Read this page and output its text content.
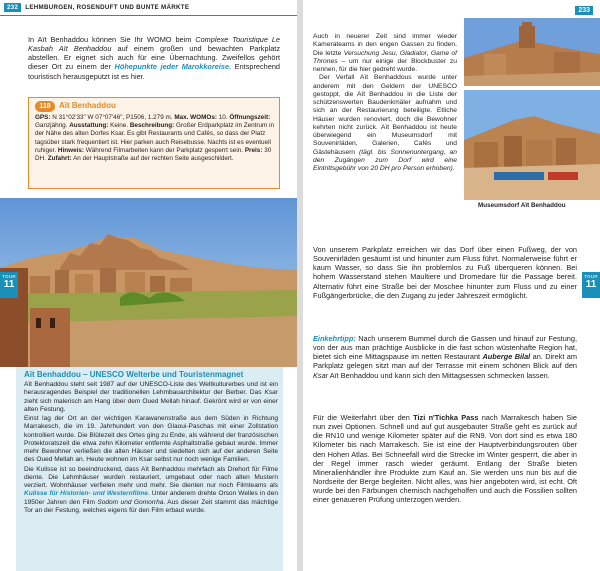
232 LEHMBURGEN, ROSENDUFT UND BUNTE MÄRKTE
In Aït Benhaddou können Sie Ihr WOMO beim Complexe Touristique Le Kasbah Aït Benhaddou auf einem großen und bewachten Parkplatz abstellen. Er eignet sich auch für eine Übernachtung. Zweifellos gehört dieser Ort zu einem der Höhepunkte jeder Marokkoreise. Entsprechend touristisch herausgeputzt ist es hier.
118	Aït Benhaddou
GPS: N 31°02'33" W 07°07'46", P1506, 1.279 m. Max. WOMOs: 10. Öffnungszeit: Ganzjährig. Ausstattung: Keine. Beschreibung: Großer Erdparkplatz im Zentrum in der Nähe des alten Dorfes Ksar. Es gibt Restaurants und Cafés, so dass der Platz tagsüber stark frequentiert ist. Hier parken auch Reisebusse. Nachts ist es eventuell ruhiger. Hinweis: Während Filmarbeiten kann der Parkplatz gesperrt sein. Preis: 30 DH. Zufahrt: An der Hauptstraße auf der rechten Seite ausgeschildert.
TOUR
11
Aït Benhaddou – UNESCO Welterbe und Touristenmagnet
Aït Benhaddou steht seit 1987 auf der UNESCO-Liste des Weltkulturerbes und ist ein herausragendes Beispiel der traditionellen Lehmbauarchitektur der Berber. Das Ksar zieht sich malerisch am Hang über dem Oued Mellah hinauf. Gekrönt wird er von einer alten Festung.
Einst lag der Ort an der wichtigen Karawanenstraße aus dem Süden in Richtung Marrakesch, die im 19. Jahrhundert von den Glaoui-Paschas mit einer Zollstation kontrolliert wurde. Die Blütezeit des Ortes ging zu Ende, als während der französischen Protektoratszeit die etwa zehn Kilometer entfernte Asphaltstraße gebaut wurde. Immer mehr Bewohner verließen die alten Häuser und siedelten sich auf der anderen Seite des Oued Mellah an. Heute wohnen im Ksar selbst nur noch wenige Familien.
Die Kulisse ist so beeindruckend, dass Aït Benhaddou mehrfach als Drehort für Filme diente. Die Lehmhäuser wurden restauriert, umgebaut oder nach alten Mustern verziert. Wohnhäuser verfielen mehr und mehr. Sie dienten nur noch Filmteams als Kulisse für Historien- und Westernfilme. Unter anderem drehte Orson Welles in den 1950er Jahren den Film Sodom und Gomorrha. Aus dieser Zeit stammt das mächtige Tor an der Festung, welches eigens für den Film erbaut wurde.
233
Auch in neuerer Zeit sind immer wieder Kamerateams in den engen Gassen zu finden. Die letzte Versuchung Jesu, Gladiator, Game of Thrones – um nur einige der Blockbuster zu nennen, für die hier gedreht wurde.
Der Verfall Aït Benhaddous wurde unter anderem mit den Geldern der UNESCO gestoppt, die Aït Benhaddou in die Liste der schützenswerten Baudenkmäler aufnahm und sich an der Restaurierung beteiligte. Etliche Häuser wurden renoviert, doch die Bewohner kehrten nicht zurück. Aït Benhaddou ist heute überwiegend ein Museumsdorf mit Souvenirläden, Galerien, Cafés und Gästehäusern (tägl. bis Sonnenuntergang, an den Zugängen zum Dorf wird eine Eintrittsgebühr von 20 DH pro Person erhoben).
Museumsdorf Aït Benhaddou
TOUR
11
Von unserem Parkplatz erreichen wir das Dorf über einen Fußweg, der von Souvenirläden gesäumt ist und hinunter zum Fluss führt. Normalerweise führt er kaum Wasser, so dass Sie ihn problemlos zu Fuß überqueren können. Bei hohem Wasserstand stehen Maultiere und Dromedare für die Passage bereit. Alternativ führt eine Straße bei der Moschee hinunter zum Fluss und zu einer Fußgängerbrücke, die den Zugang zu jeder Jahreszeit ermöglicht.
Einkehrtipp: Nach unserem Bummel durch die Gassen und hinauf zur Festung, von der aus man prächtige Ausblicke in die fast schon wüstenhafte Region hat, bietet sich eine Mittagspause im netten Restaurant Auberge Bilal an. Direkt am Parkplatz gelegen sitzt man auf der Terrasse mit einem schönen Blick auf den Ksar Aït Benhaddou und kann sich den Mittagsessen schmecken lassen.
Für die Weiterfahrt über den Tizi n'Tichka Pass nach Marrakesch haben Sie nun zwei Optionen. Schnell und auf gut ausgebauter Straße geht es zurück auf die RN10 und wenige Kilometer später auf die RN9. Von dort sind es etwa 180 Kilometer bis nach Marrakesch. Sie ist eine der Hauptverbindungsrouten über den Hohen Atlas. Bei Schneefall wird die Strecke im Winter gesperrt, die aber in der Regel immer rasch wieder geräumt. Entlang der Straße bieten Mineralienhändler ihre Produkte zum Kauf an. Sie werden uns nun bis auf die Nordseite der Berge begleiten. Nicht alles, was hier angeboten wird, ist echt. Oft wurde bei den Färbungen chemisch nachgeholfen und auch die Fossilien sollten einer genaueren Prüfung unterzogen werden.
